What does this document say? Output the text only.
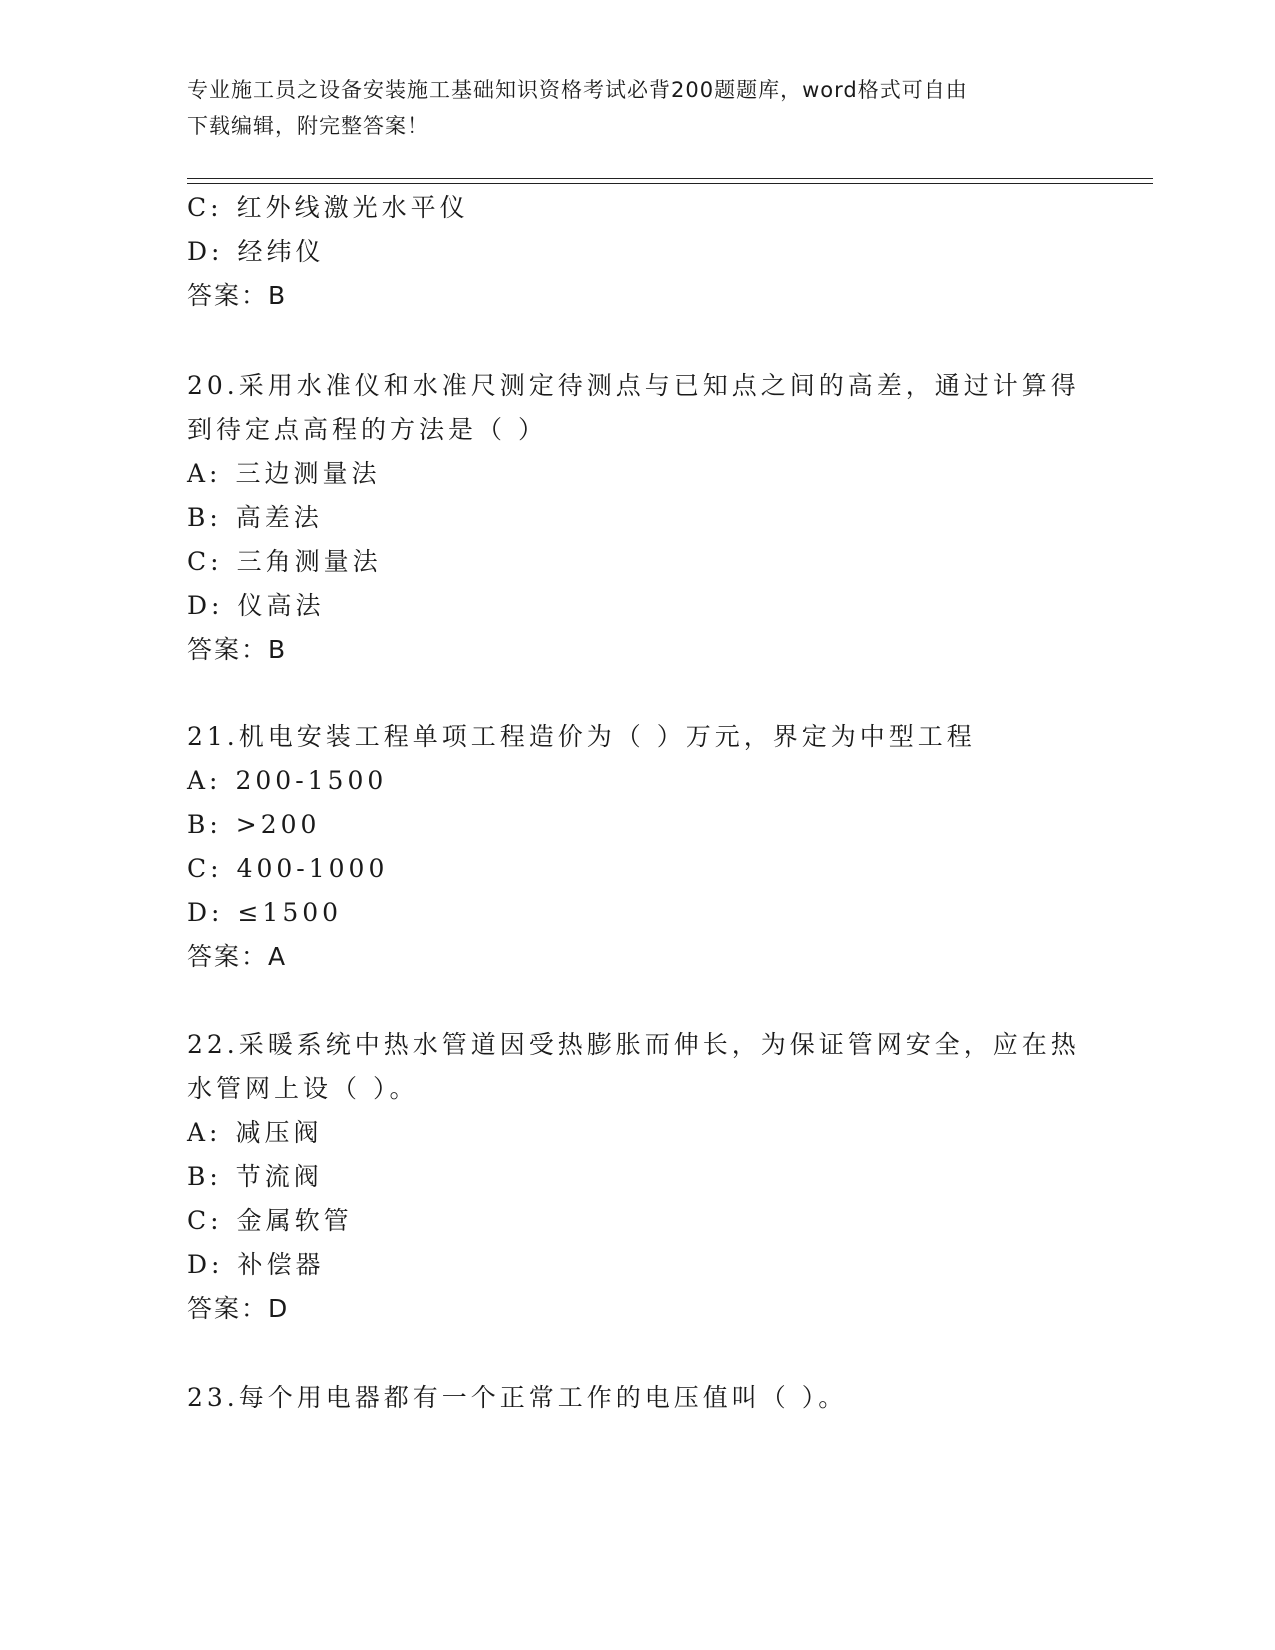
专业施工员之设备安装施工基础知识资格考试必背200题题库，word格式可自由
下载编辑，附完整答案！
C: 红外线激光水平仪
D: 经纬仪
答案：B
20.采用水准仪和水准尺测定待测点与已知点之间的高差，通过计算得
到待定点高程的方法是（ ）
A: 三边测量法
B: 高差法
C: 三角测量法
D: 仪高法
答案：B
21.机电安装工程单项工程造价为（ ）万元，界定为中型工程
A: 200-1500
B: >200
C: 400-1000
D: ≤1500
答案：A
22.采暖系统中热水管道因受热膨胀而伸长，为保证管网安全，应在热
水管网上设（ ）。
A: 减压阀
B: 节流阀
C: 金属软管
D: 补偿器
答案：D
23.每个用电器都有一个正常工作的电压值叫（ ）。
